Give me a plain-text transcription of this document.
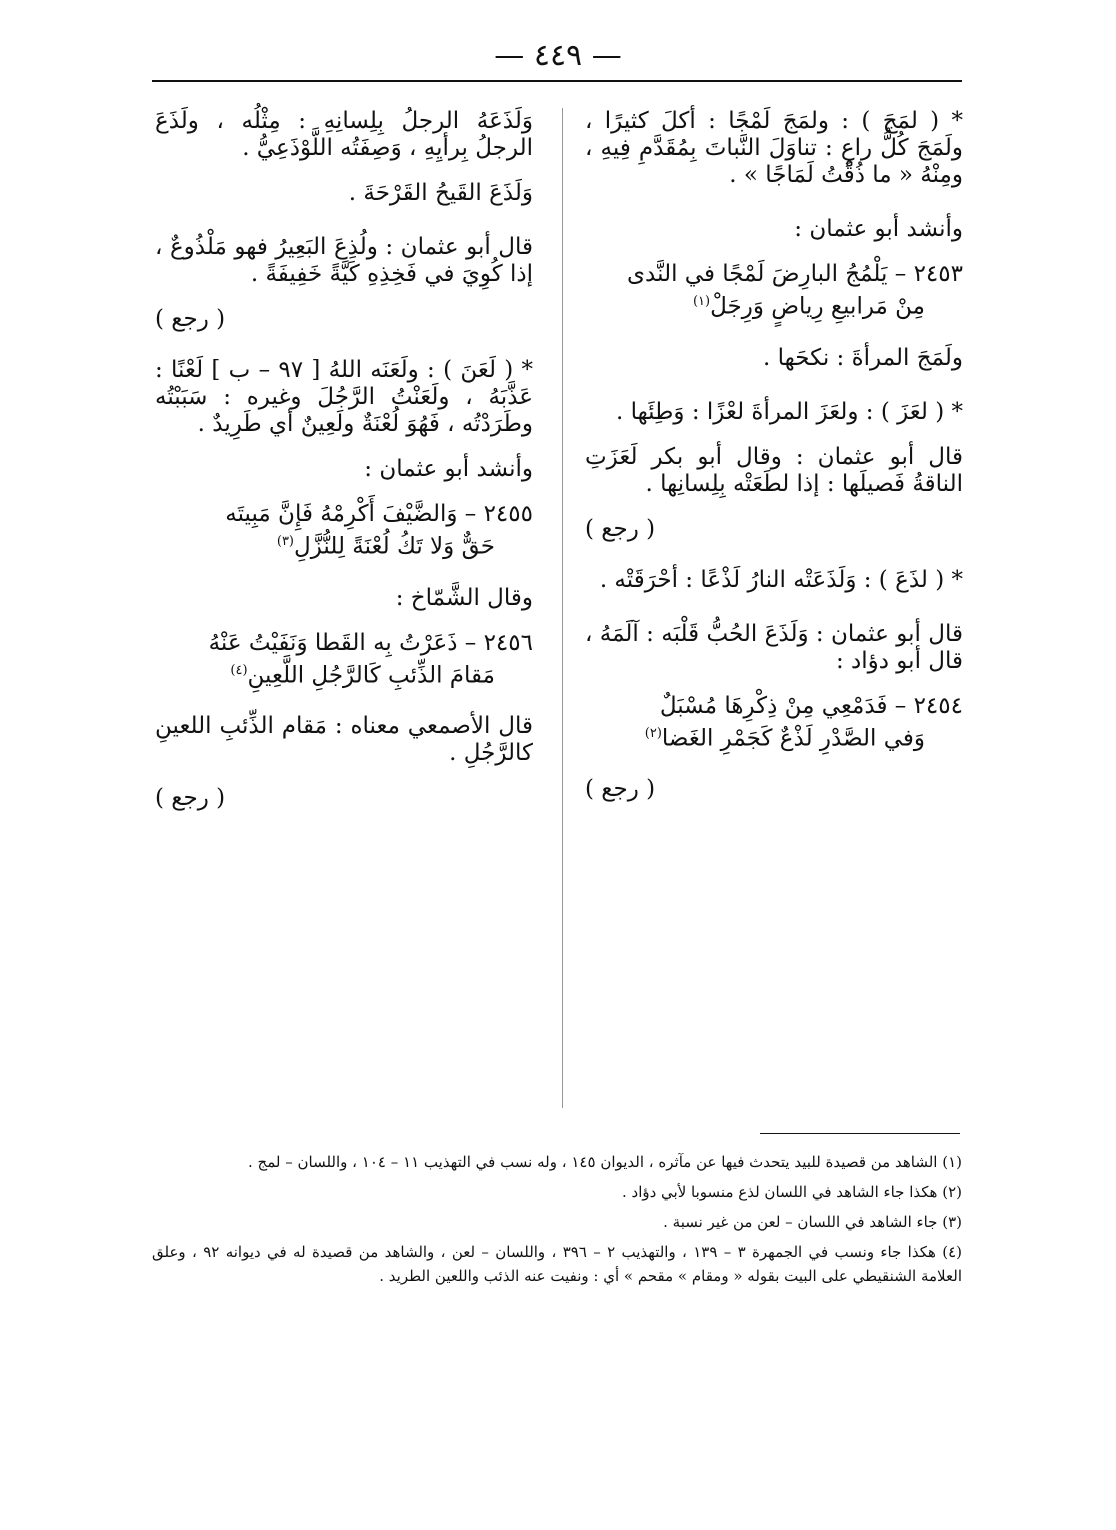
— ٤٤٩ —

* ( لمَجَ ) : ولمَجَ لَمْجًا : أكلَ كثيرًا ، ولَمَجَ كُلُّ راعٍ : تناوَلَ النَّباتَ بِمُقَدَّمِ فِيهِ ، ومِنْهُ « ما ذُقْتُ لَمَاجًا » .

وأنشد أبو عثمان :

٢٤٥٣ – يَلْمُجُ البارِضَ لَمْجًا في النَّدى
مِنْ مَرابيعِ رِياضٍ وَرِجَلْ$^{(١)}$

ولَمَجَ المرأةَ : نكحَها .

* ( لعَزَ ) : ولعَزَ المرأةَ لعْزًا : وَطِئَها .

قال أبو عثمان : وقال أبو بكر لَعَزَتِ الناقةُ فَصيلَها : إذا لطَعَتْه بِلِسانِها .

( رجع )

* ( لذَعَ ) : وَلَذَعَتْه النارُ لَذْعًا : أحْرَقَتْه .

قال أبو عثمان : وَلَذَعَ الحُبُّ قَلْبَه : آلَمَهُ ، قال أبو دؤاد :

٢٤٥٤ – فَدَمْعِي مِنْ ذِكْرِهَا مُسْبَلٌ
وَفي الصَّدْرِ لَذْعٌ كَجَمْرِ الغَضا$^{(٢)}$
( رجع )

وَلَذَعَهُ الرجلُ بِلِسانِهِ : مِثْلُه ، ولَذَعَ الرجلُ بِرأيِهِ ، وَصِفَتُه اللَّوْذَعِيُّ .

وَلَذَعَ القَيحُ القَرْحَةَ .

قال أبو عثمان : ولُذِعَ البَعِيرُ فهو مَلْذُوعٌ ، إذا كُوِيَ في فَخِذِهِ كَيَّةً خَفِيفَةً .

( رجع )

* ( لَعَنَ ) : ولَعَنَه اللهُ [ ٩٧ – ب ] لَعْنًا : عَذَّبَهُ ، ولَعَنْتُ الرَّجُلَ وغيره : سَبَبْتُه وطَرَدْتُه ، فَهُوَ لُعْنَةٌ ولَعِينٌ أي طَرِيدٌ .

وأنشد أبو عثمان :

٢٤٥٥ – وَالضَّيْفَ أَكْرِمْهُ فَإِنَّ مَبِيتَه
حَقٌّ وَلا تَكُ لُعْنَةً لِلنُّزَّلِ$^{(٣)}$

وقال الشَّمّاخ :

٢٤٥٦ – ذَعَرْتُ بِه القَطا وَنَفَيْتُ عَنْهُ
مَقامَ الذِّئبِ كَالرَّجُلِ اللَّعِينِ$^{(٤)}$

قال الأصمعي معناه : مَقام الذِّئبِ اللعينِ كالرَّجُلِ .

( رجع )

(١) الشاهد من قصيدة للبيد يتحدث فيها عن مآثره ، الديوان ١٤٥ ، وله نسب في التهذيب ١١ – ١٠٤ ، واللسان – لمج .

(٢) هكذا جاء الشاهد في اللسان لذع منسوبا لأبي دؤاد .

(٣) جاء الشاهد في اللسان – لعن من غير نسبة .

(٤) هكذا جاء ونسب في الجمهرة ٣ – ١٣٩ ، والتهذيب ٢ – ٣٩٦ ، واللسان – لعن ، والشاهد من قصيدة له في ديوانه ٩٢ ، وعلق العلامة الشنقيطي على البيت بقوله « ومقام » مقحم » أي : ونفيت عنه الذئب واللعين الطريد .
